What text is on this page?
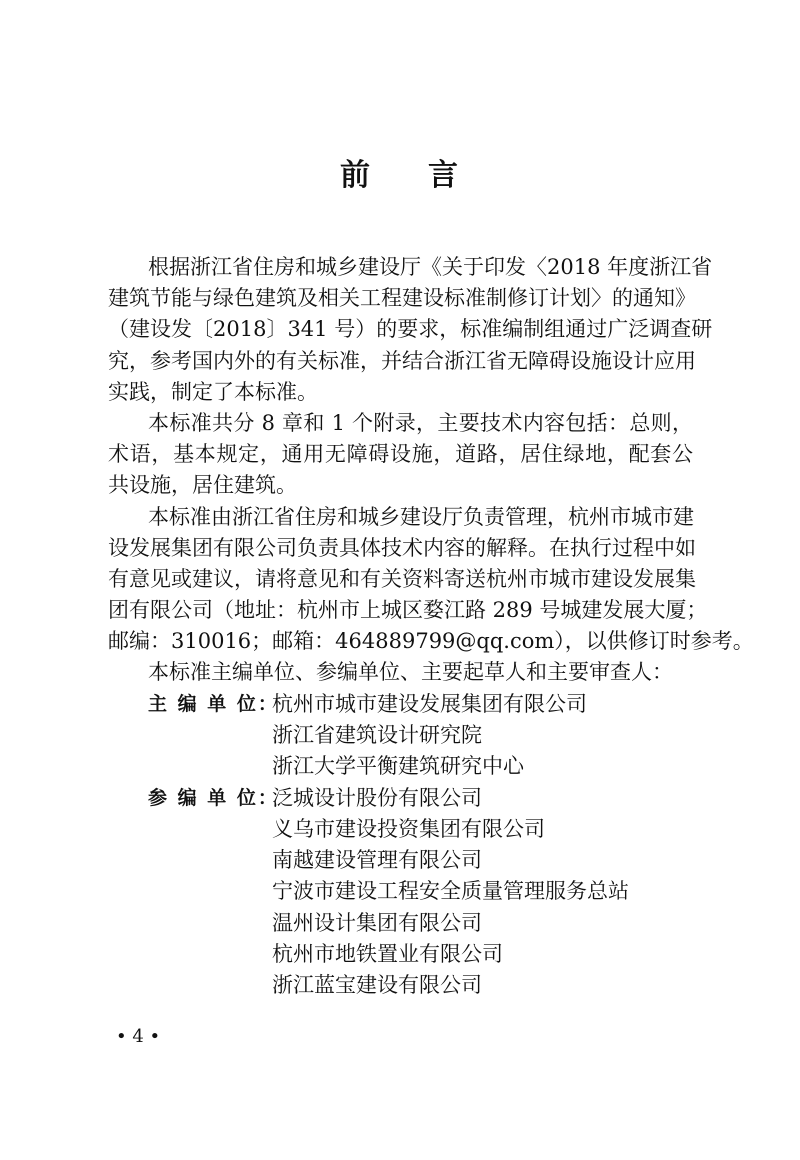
前 言
根据浙江省住房和城乡建设厅《关于印发〈2018 年度浙江省
建筑节能与绿色建筑及相关工程建设标准制修订计划〉的通知》
（建设发〔2018〕341 号）的要求，标准编制组通过广泛调查研
究，参考国内外的有关标准，并结合浙江省无障碍设施设计应用
实践，制定了本标准。
本标准共分 8 章和 1 个附录，主要技术内容包括：总则，
术语，基本规定，通用无障碍设施，道路，居住绿地，配套公
共设施，居住建筑。
本标准由浙江省住房和城乡建设厅负责管理，杭州市城市建
设发展集团有限公司负责具体技术内容的解释。在执行过程中如
有意见或建议，请将意见和有关资料寄送杭州市城市建设发展集
团有限公司（地址：杭州市上城区婺江路 289 号城建发展大厦；
邮编：310016；邮箱：464889799@qq.com），以供修订时参考。
本标准主编单位、参编单位、主要起草人和主要审查人：
主 编 单 位：
杭州市城市建设发展集团有限公司
浙江省建筑设计研究院
浙江大学平衡建筑研究中心
参 编 单 位：
泛城设计股份有限公司
义乌市建设投资集团有限公司
南越建设管理有限公司
宁波市建设工程安全质量管理服务总站
温州设计集团有限公司
杭州市地铁置业有限公司
浙江蓝宝建设有限公司
• 4 •
